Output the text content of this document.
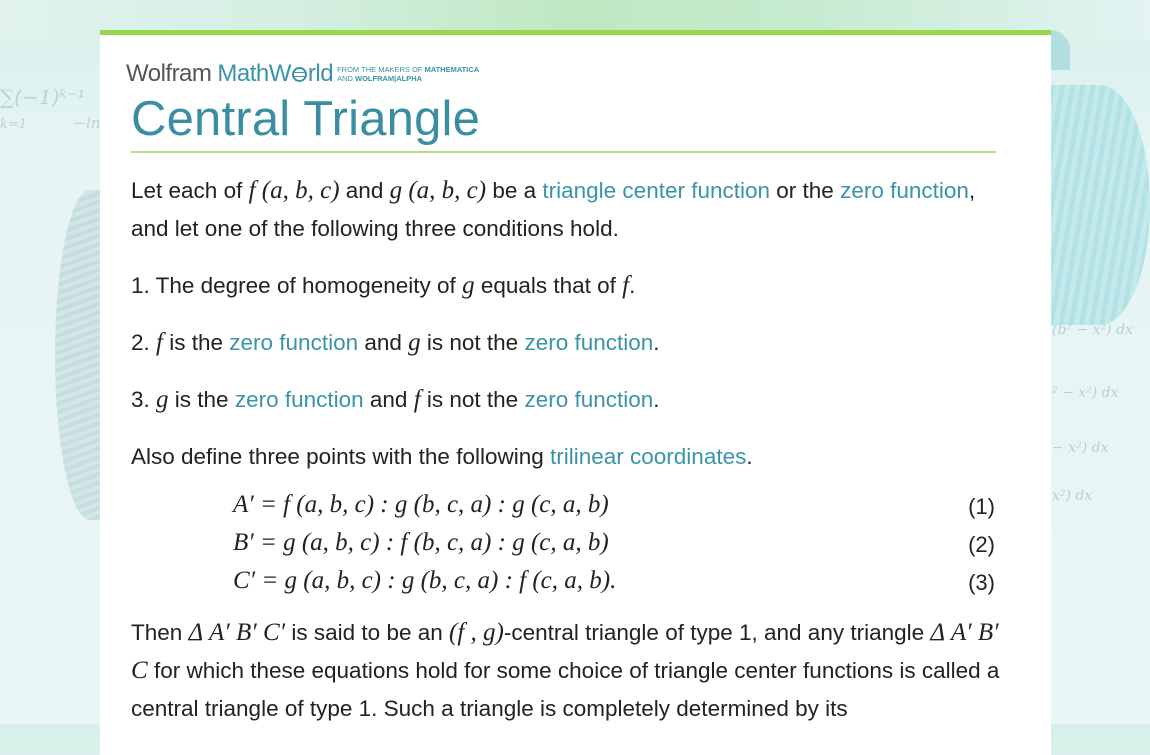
∑(−1)ᵏ⁻¹
k=1	−ln
(b² − x²) dx
² − x²) dx
− x²) dx
x²) dx
Wolfram MathW rld FROM THE MAKERS OF MATHEMATICA
AND WOLFRAM|ALPHA
Central Triangle

Let each of f (a, b, c) and g (a, b, c) be a triangle center function or the zero function, and let one of the following three conditions hold.

1. The degree of homogeneity of g equals that of f.

2. f is the zero function and g is not the zero function.

3. g is the zero function and f is not the zero function.

Also define three points with the following trilinear coordinates.

A′ = f (a, b, c) : g (b, c, a) : g (c, a, b)	(1)
B′ = g (a, b, c) : f (b, c, a) : g (c, a, b)	(2)
C′ = g (a, b, c) : g (b, c, a) : f (c, a, b).	(3)

Then Δ A′ B′ C′ is said to be an (f , g)-central triangle of type 1, and any triangle Δ A′ B′ C for which these equations hold for some choice of triangle center functions is called a central triangle of type 1. Such a triangle is completely determined by its
